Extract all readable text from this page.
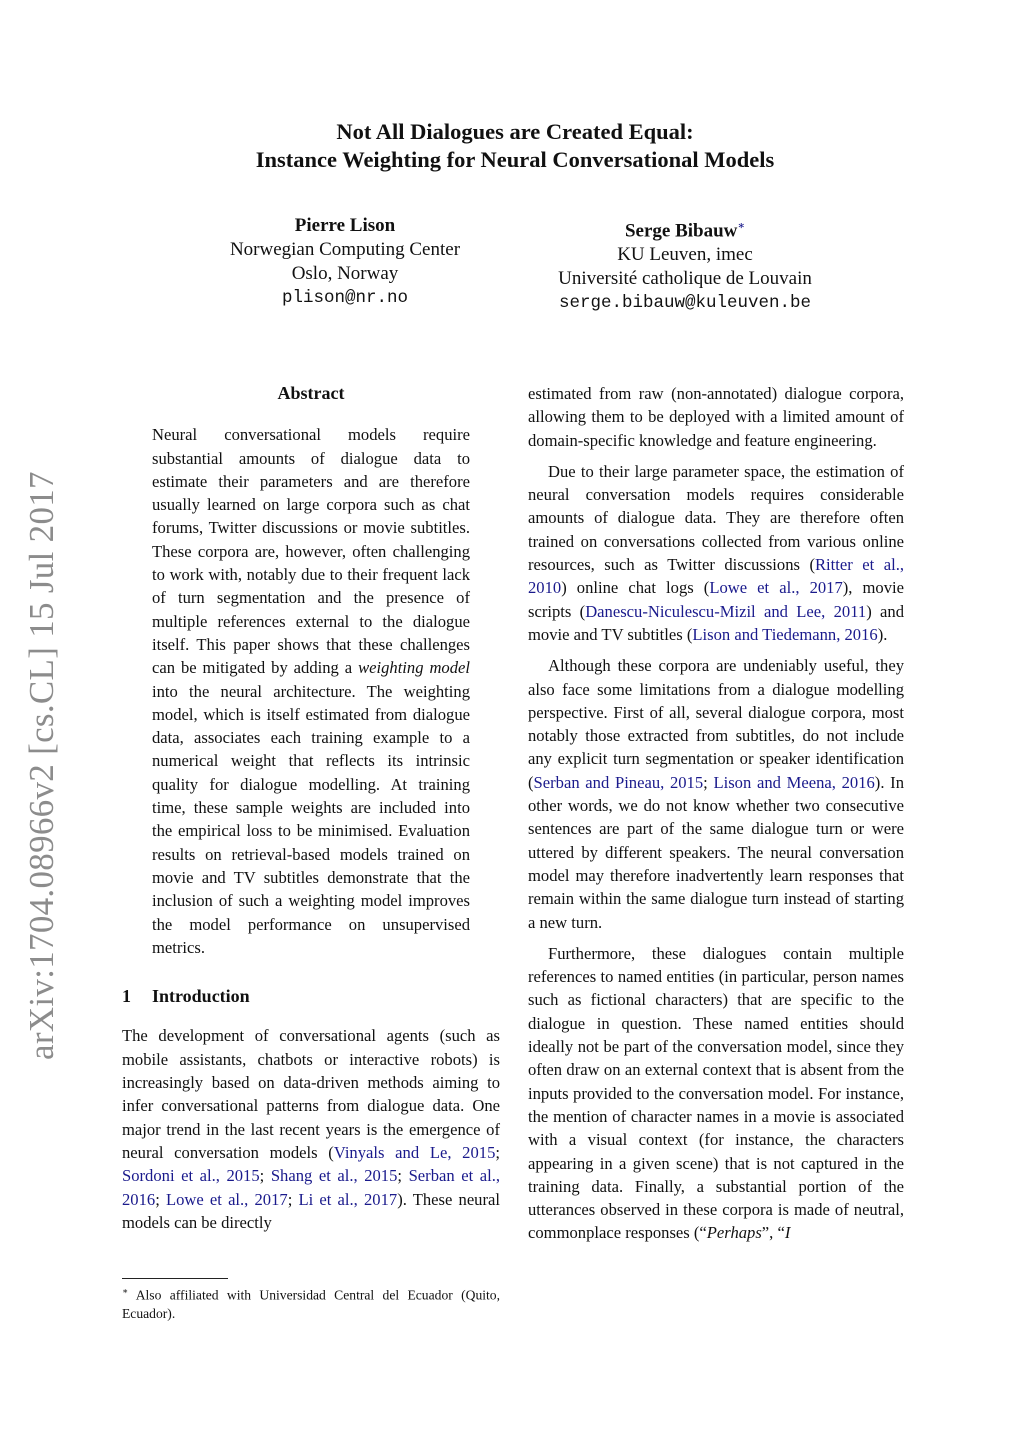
arXiv:1704.08966v2 [cs.CL] 15 Jul 2017
Not All Dialogues are Created Equal:
Instance Weighting for Neural Conversational Models
Pierre Lison
Norwegian Computing Center
Oslo, Norway
plison@nr.no
Serge Bibauw∗
KU Leuven, imec
Université catholique de Louvain
serge.bibauw@kuleuven.be
Abstract

Neural conversational models require substantial amounts of dialogue data to estimate their parameters and are therefore usually learned on large corpora such as chat forums, Twitter discussions or movie subtitles. These corpora are, however, often challenging to work with, notably due to their frequent lack of turn segmentation and the presence of multiple references external to the dialogue itself. This paper shows that these challenges can be mitigated by adding a weighting model into the neural architecture. The weighting model, which is itself estimated from dialogue data, associates each training example to a numerical weight that reflects its intrinsic quality for dialogue modelling. At training time, these sample weights are included into the empirical loss to be minimised. Evaluation results on retrieval-based models trained on movie and TV subtitles demonstrate that the inclusion of such a weighting model improves the model performance on unsupervised metrics.

1 Introduction

The development of conversational agents (such as mobile assistants, chatbots or interactive robots) is increasingly based on data-driven methods aiming to infer conversational patterns from dialogue data. One major trend in the last recent years is the emergence of neural conversation models (Vinyals and Le, 2015; Sordoni et al., 2015; Shang et al., 2015; Serban et al., 2016; Lowe et al., 2017; Li et al., 2017). These neural models can be directly

∗ Also affiliated with Universidad Central del Ecuador (Quito, Ecuador).

estimated from raw (non-annotated) dialogue corpora, allowing them to be deployed with a limited amount of domain-specific knowledge and feature engineering.

Due to their large parameter space, the estimation of neural conversation models requires considerable amounts of dialogue data. They are therefore often trained on conversations collected from various online resources, such as Twitter discussions (Ritter et al., 2010) online chat logs (Lowe et al., 2017), movie scripts (Danescu-Niculescu-Mizil and Lee, 2011) and movie and TV subtitles (Lison and Tiedemann, 2016).

Although these corpora are undeniably useful, they also face some limitations from a dialogue modelling perspective. First of all, several dialogue corpora, most notably those extracted from subtitles, do not include any explicit turn segmentation or speaker identification (Serban and Pineau, 2015; Lison and Meena, 2016). In other words, we do not know whether two consecutive sentences are part of the same dialogue turn or were uttered by different speakers. The neural conversation model may therefore inadvertently learn responses that remain within the same dialogue turn instead of starting a new turn.

Furthermore, these dialogues contain multiple references to named entities (in particular, person names such as fictional characters) that are specific to the dialogue in question. These named entities should ideally not be part of the conversation model, since they often draw on an external context that is absent from the inputs provided to the conversation model. For instance, the mention of character names in a movie is associated with a visual context (for instance, the characters appearing in a given scene) that is not captured in the training data. Finally, a substantial portion of the utterances observed in these corpora is made of neutral, commonplace responses (“Perhaps”, “I
